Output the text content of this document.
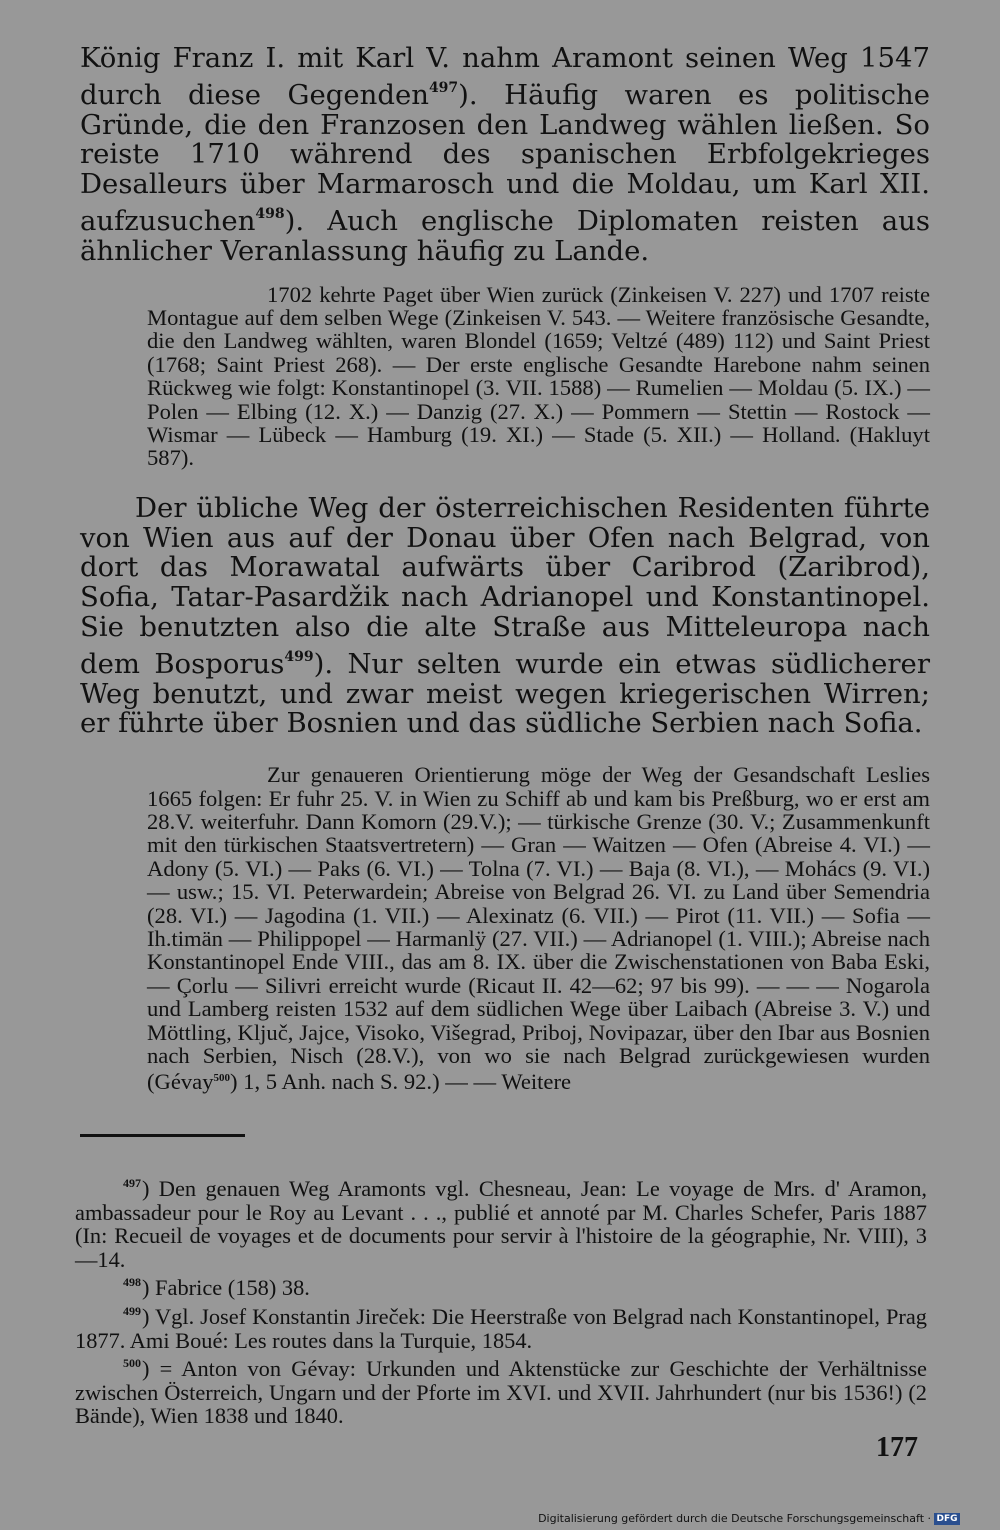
König Franz I. mit Karl V. nahm Aramont seinen Weg 1547 durch diese Gegenden$^{497}$). Häufig waren es politische Gründe, die den Franzosen den Landweg wählen ließen. So reiste 1710 während des spanischen Erbfolgekrieges Desalleurs über Marmarosch und die Moldau, um Karl XII. aufzusuchen$^{498}$). Auch englische Diplomaten reisten aus ähnlicher Veranlassung häufig zu Lande.

1702 kehrte Paget über Wien zurück (Zinkeisen V. 227) und 1707 reiste Montague auf dem selben Wege (Zinkeisen V. 543. — Weitere französische Gesandte, die den Landweg wählten, waren Blondel (1659; Veltzé (489) 112) und Saint Priest (1768; Saint Priest 268). — Der erste englische Gesandte Harebone nahm seinen Rückweg wie folgt: Konstantinopel (3. VII. 1588) — Rumelien — Moldau (5. IX.) — Polen — Elbing (12. X.) — Danzig (27. X.) — Pommern — Stettin — Rostock — Wismar — Lübeck — Hamburg (19. XI.) — Stade (5. XII.) — Holland. (Hakluyt 587).

Der übliche Weg der österreichischen Residenten führte von Wien aus auf der Donau über Ofen nach Belgrad, von dort das Morawatal aufwärts über Caribrod (Zaribrod), Sofia, Tatar-Pasardžik nach Adrianopel und Konstantinopel. Sie benutzten also die alte Straße aus Mitteleuropa nach dem Bosporus$^{499}$). Nur selten wurde ein etwas südlicherer Weg benutzt, und zwar meist wegen kriegerischen Wirren; er führte über Bosnien und das südliche Serbien nach Sofia.

Zur genaueren Orientierung möge der Weg der Gesandschaft Leslies 1665 folgen: Er fuhr 25. V. in Wien zu Schiff ab und kam bis Preßburg, wo er erst am 28.V. weiterfuhr. Dann Komorn (29.V.); — türkische Grenze (30. V.; Zusammenkunft mit den türkischen Staatsvertretern) — Gran — Waitzen — Ofen (Abreise 4. VI.) — Adony (5. VI.) — Paks (6. VI.) — Tolna (7. VI.) — Baja (8. VI.), — Mohács (9. VI.) — usw.; 15. VI. Peterwardein; Abreise von Belgrad 26. VI. zu Land über Semendria (28. VI.) — Jagodina (1. VII.) — Alexinatz (6. VII.) — Pirot (11. VII.) — Sofia — Ih.timän — Philippopel — Harmanlÿ (27. VII.) — Adrianopel (1. VIII.); Abreise nach Konstantinopel Ende VIII., das am 8. IX. über die Zwischenstationen von Baba Eski, — Çorlu — Silivri erreicht wurde (Ricaut II. 42—62; 97 bis 99). — — — Nogarola und Lamberg reisten 1532 auf dem südlichen Wege über Laibach (Abreise 3. V.) und Möttling, Ključ, Jajce, Visoko, Višegrad, Priboj, Novipazar, über den Ibar aus Bosnien nach Serbien, Nisch (28.V.), von wo sie nach Belgrad zurückgewiesen wurden (Gévay$^{500}$) 1, 5 Anh. nach S. 92.) — — Weitere

$^{497}$) Den genauen Weg Aramonts vgl. Chesneau, Jean: Le voyage de Mrs. d' Aramon, ambassadeur pour le Roy au Levant . . ., publié et annoté par M. Charles Schefer, Paris 1887 (In: Recueil de voyages et de documents pour servir à l'histoire de la géographie, Nr. VIII), 3—14.

$^{498}$) Fabrice (158) 38.

$^{499}$) Vgl. Josef Konstantin Jireček: Die Heerstraße von Belgrad nach Konstantinopel, Prag 1877. Ami Boué: Les routes dans la Turquie, 1854.

$^{500}$) = Anton von Gévay: Urkunden und Aktenstücke zur Geschichte der Verhältnisse zwischen Österreich, Ungarn und der Pforte im XVI. und XVII. Jahrhundert (nur bis 1536!) (2 Bände), Wien 1838 und 1840.

177
Digitalisierung gefördert durch die Deutsche Forschungsgemeinschaft · DFG
